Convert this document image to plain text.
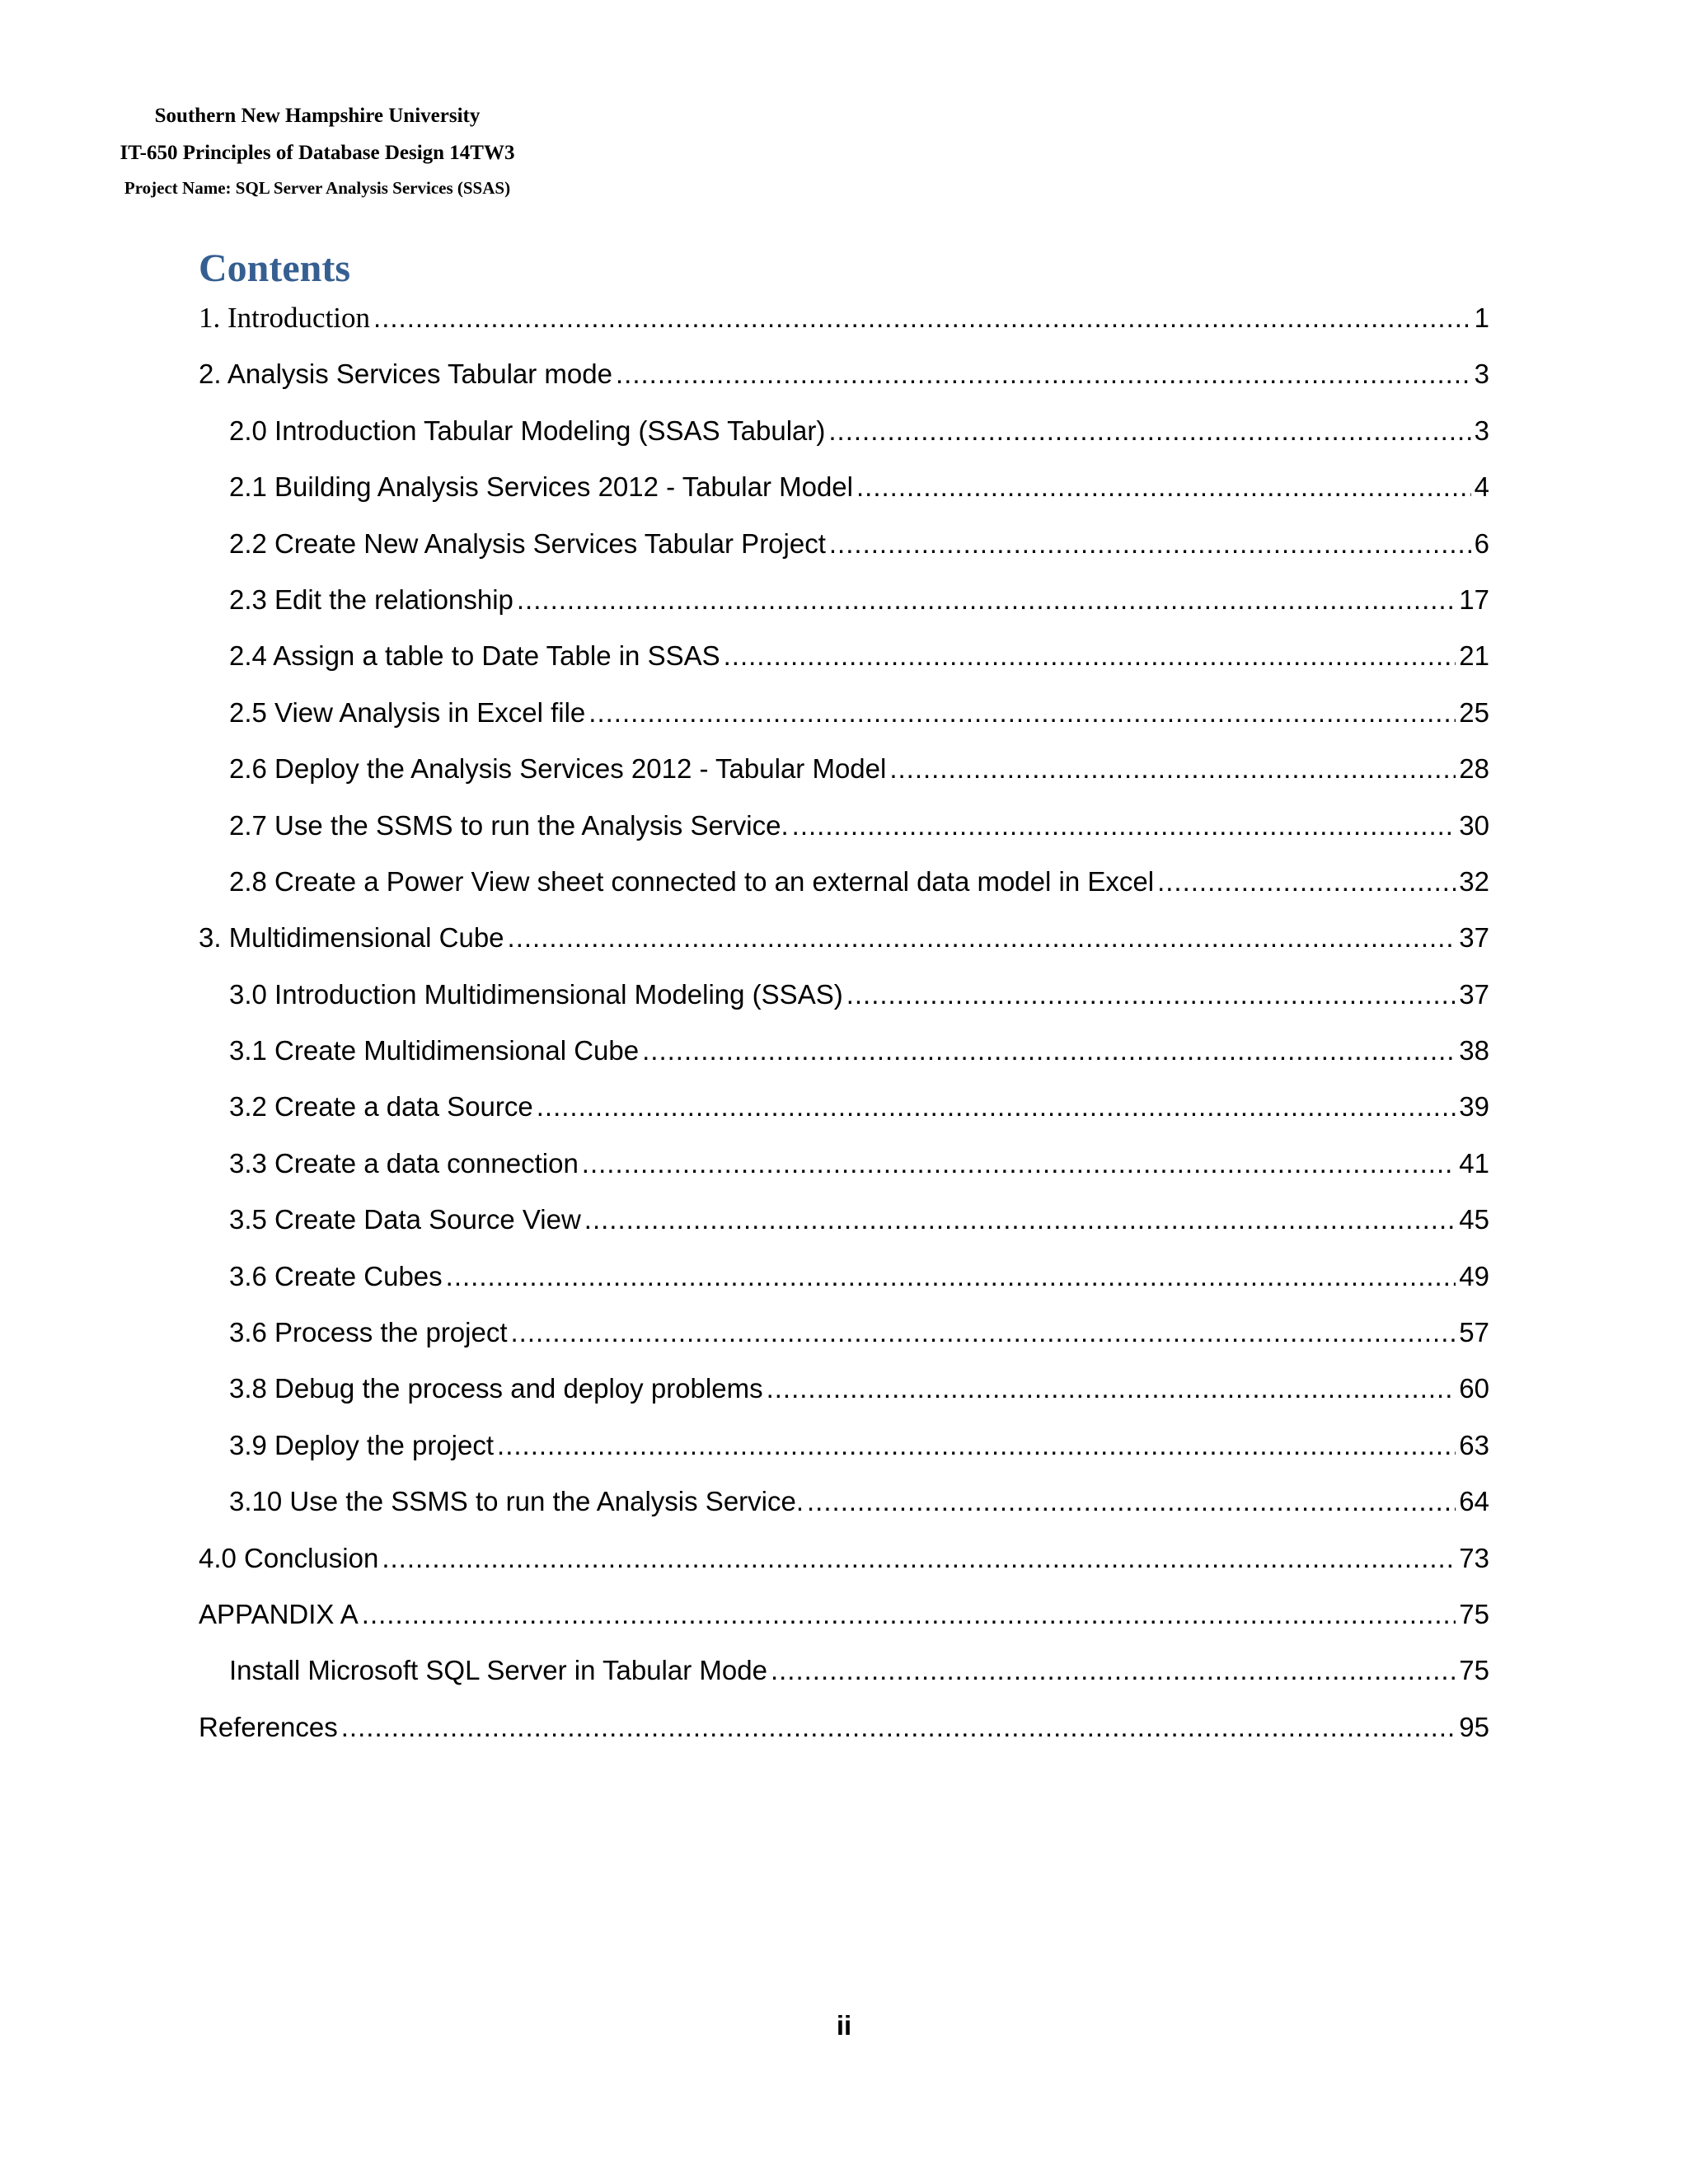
Southern New Hampshire University
IT-650 Principles of Database Design 14TW3
Project Name: SQL Server Analysis Services (SSAS)
Contents
1. Introduction .....	1
2. Analysis Services Tabular mode .....	3
2.0 Introduction Tabular Modeling (SSAS Tabular) .....	3
2.1 Building Analysis Services 2012 - Tabular Model .....	4
2.2 Create New Analysis Services Tabular Project .....	6
2.3 Edit the relationship .....	17
2.4 Assign a table to Date Table in SSAS .....	21
2.5 View Analysis in Excel file .....	25
2.6 Deploy the Analysis Services 2012 - Tabular Model .....	28
2.7 Use the SSMS to run the Analysis Service. .....	30
2.8 Create a Power View sheet connected to an external data model in Excel .....	32
3. Multidimensional Cube .....	37
3.0 Introduction Multidimensional Modeling (SSAS) .....	37
3.1 Create Multidimensional Cube .....	38
3.2 Create a data Source .....	39
3.3 Create a data connection .....	41
3.5 Create Data Source View .....	45
3.6 Create Cubes .....	49
3.6 Process the project .....	57
3.8 Debug the process and deploy problems .....	60
3.9 Deploy the project .....	63
3.10 Use the SSMS to run the Analysis Service. .....	64
4.0 Conclusion .....	73
APPANDIX A .....	75
Install Microsoft SQL Server in Tabular Mode .....	75
References .....	95
ii
